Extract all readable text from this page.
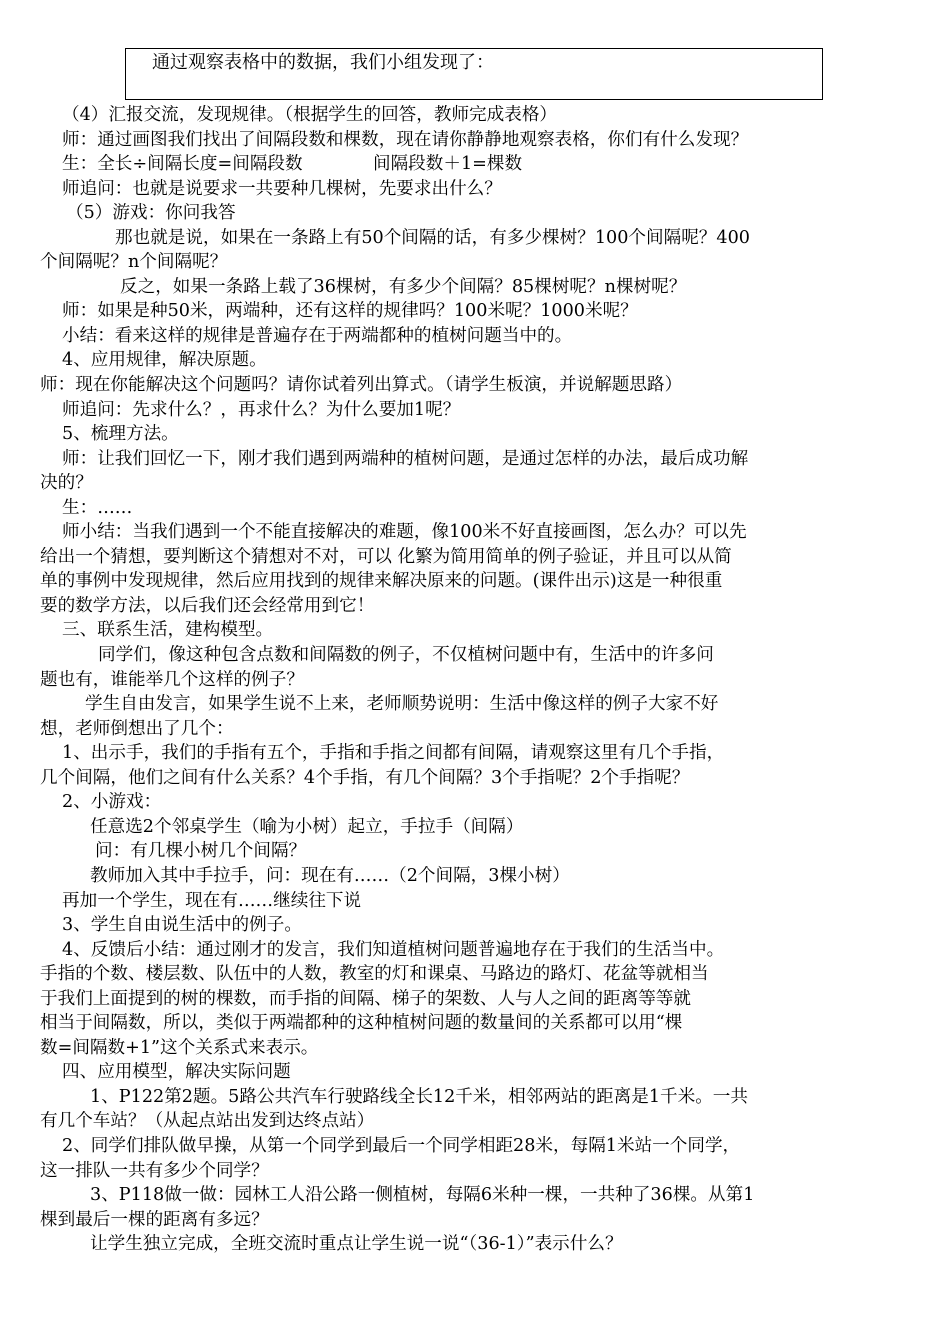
通过观察表格中的数据，我们小组发现了：
（4）汇报交流，发现规律。（根据学生的回答，教师完成表格）
师：通过画图我们找出了间隔段数和棵数，现在请你静静地观察表格，你们有什么发现？
生：全长÷间隔长度=间隔段数　　　　间隔段数＋1=棵数
师追问：也就是说要求一共要种几棵树，先要求出什么？
（5）游戏：你问我答
那也就是说，如果在一条路上有50个间隔的话，有多少棵树？100个间隔呢？400
个间隔呢？n个间隔呢？
反之，如果一条路上载了36棵树，有多少个间隔？85棵树呢？n棵树呢？
师：如果是种50米，两端种，还有这样的规律吗？100米呢？1000米呢？
小结：看来这样的规律是普遍存在于两端都种的植树问题当中的。
4、应用规律，解决原题。
师：现在你能解决这个问题吗？请你试着列出算式。（请学生板演，并说解题思路）
师追问：先求什么？，再求什么？为什么要加1呢？
5、梳理方法。
师：让我们回忆一下，刚才我们遇到两端种的植树问题，是通过怎样的办法，最后成功解
决的？
生：……
师小结：当我们遇到一个不能直接解决的难题，像100米不好直接画图，怎么办？可以先
给出一个猜想，要判断这个猜想对不对，可以 化繁为简用简单的例子验证，并且可以从简
单的事例中发现规律，然后应用找到的规律来解决原来的问题。(课件出示)这是一种很重
要的数学方法，以后我们还会经常用到它！
三、联系生活，建构模型。
同学们，像这种包含点数和间隔数的例子，不仅植树问题中有，生活中的许多问
题也有，谁能举几个这样的例子？
学生自由发言，如果学生说不上来，老师顺势说明：生活中像这样的例子大家不好
想，老师倒想出了几个：
1、出示手，我们的手指有五个，手指和手指之间都有间隔，请观察这里有几个手指，
几个间隔，他们之间有什么关系？4个手指，有几个间隔？3个手指呢？2个手指呢？
2、小游戏：
任意选2个邻桌学生（喻为小树）起立，手拉手（间隔）
问：有几棵小树几个间隔？
教师加入其中手拉手，问：现在有……（2个间隔，3棵小树）
再加一个学生，现在有……继续往下说
3、学生自由说生活中的例子。
4、反馈后小结：通过刚才的发言，我们知道植树问题普遍地存在于我们的生活当中。
手指的个数、楼层数、队伍中的人数，教室的灯和课桌、马路边的路灯、花盆等就相当
于我们上面提到的树的棵数，而手指的间隔、梯子的架数、人与人之间的距离等等就
相当于间隔数，所以，类似于两端都种的这种植树问题的数量间的关系都可以用“棵
数=间隔数+1”这个关系式来表示。
四、应用模型，解决实际问题
1、P122第2题。5路公共汽车行驶路线全长12千米，相邻两站的距离是1千米。一共
有几个车站？（从起点站出发到达终点站）
2、同学们排队做早操，从第一个同学到最后一个同学相距28米，每隔1米站一个同学，
这一排队一共有多少个同学？
3、P118做一做：园林工人沿公路一侧植树，每隔6米种一棵，一共种了36棵。从第1
棵到最后一棵的距离有多远？
让学生独立完成，全班交流时重点让学生说一说“（36-1）”表示什么？
